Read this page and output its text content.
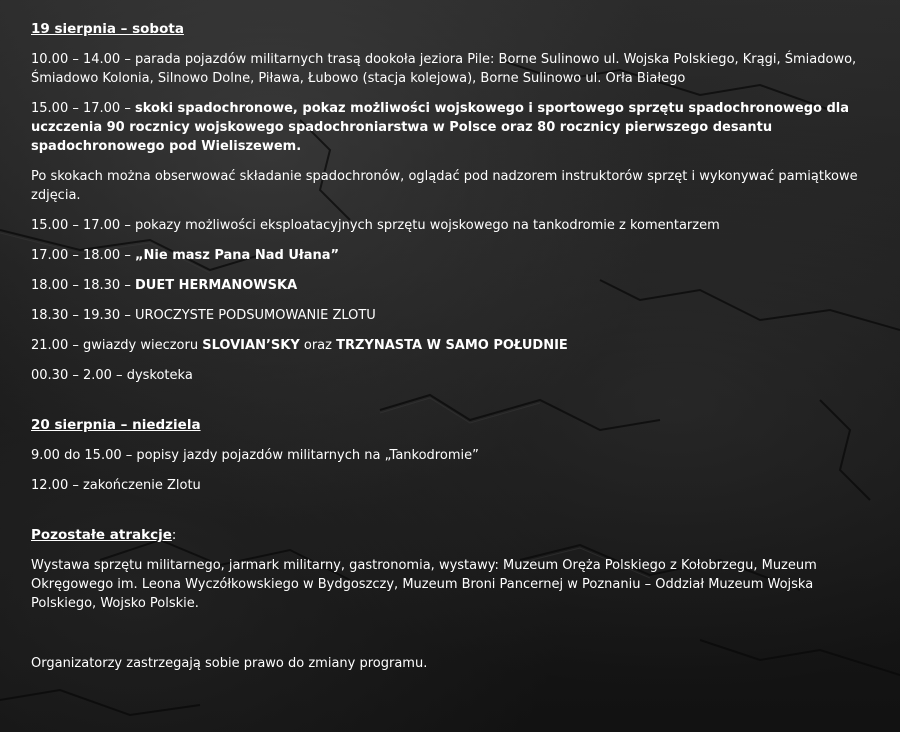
19 sierpnia – sobota

10.00 – 14.00 – parada pojazdów militarnych trasą dookoła jeziora Pile: Borne Sulinowo ul. Wojska Polskiego, Krągi, Śmiadowo, Śmiadowo Kolonia, Silnowo Dolne, Piława, Łubowo (stacja kolejowa), Borne Sulinowo ul. Orła Białego

15.00 – 17.00 – skoki spadochronowe, pokaz możliwości wojskowego i sportowego sprzętu spadochronowego dla uczczenia 90 rocznicy wojskowego spadochroniarstwa w Polsce oraz 80 rocznicy pierwszego desantu spadochronowego pod Wieliszewem.

Po skokach można obserwować składanie spadochronów, oglądać pod nadzorem instruktorów sprzęt i wykonywać pamiątkowe zdjęcia.

15.00 – 17.00 – pokazy możliwości eksploatacyjnych sprzętu wojskowego na tankodromie z komentarzem

17.00 – 18.00 – „Nie masz Pana Nad Ułana”

18.00 – 18.30 – DUET HERMANOWSKA

18.30 – 19.30 – UROCZYSTE PODSUMOWANIE ZLOTU

21.00 – gwiazdy wieczoru SLOVIAN’SKY oraz TRZYNASTA W SAMO POŁUDNIE

00.30 – 2.00 – dyskoteka

20 sierpnia – niedziela

9.00 do 15.00 – popisy jazdy pojazdów militarnych na „Tankodromie”

12.00 – zakończenie Zlotu

Pozostałe atrakcje:

Wystawa sprzętu militarnego, jarmark militarny, gastronomia, wystawy: Muzeum Oręża Polskiego z Kołobrzegu, Muzeum Okręgowego im. Leona Wyczółkowskiego w Bydgoszczy, Muzeum Broni Pancernej w Poznaniu – Oddział Muzeum Wojska Polskiego, Wojsko Polskie.

Organizatorzy zastrzegają sobie prawo do zmiany programu.
